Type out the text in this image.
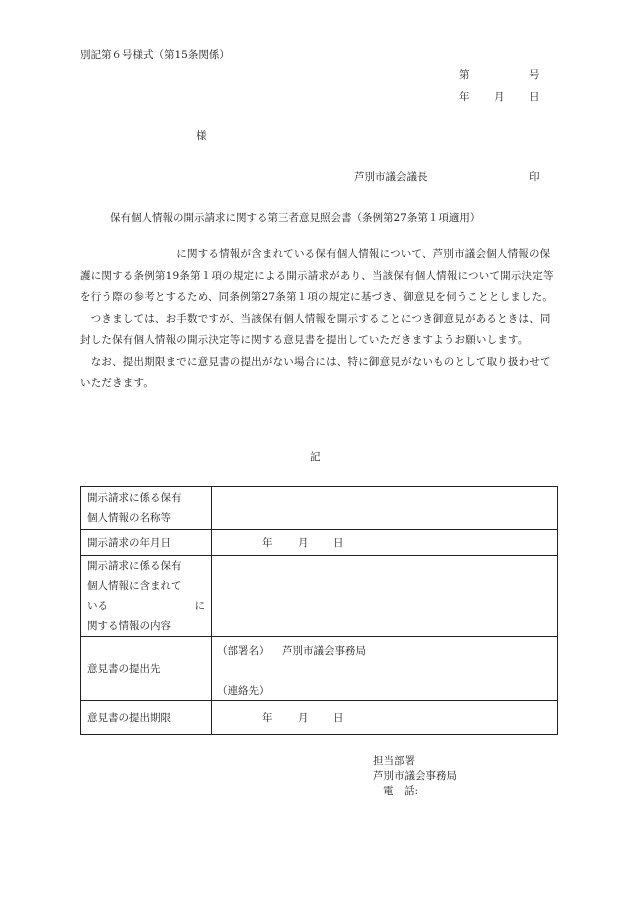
別記第６号様式（第15条関係）
第	号
年 月 日
様
芦別市議会議長	印
保有個人情報の開示請求に関する第三者意見照会書（条例第27条第１項適用）

　　　　　　　　　に関する情報が含まれている保有個人情報について、芦別市議会個人情報の保護に関する条例第19条第１項の規定による開示請求があり、当該保有個人情報について開示決定等を行う際の参考とするため、同条例第27条第１項の規定に基づき、御意見を伺うこととしました。

　つきましては、お手数ですが、当該保有個人情報を開示することにつき御意見があるときは、同封した保有個人情報の開示決定等に関する意見書を提出していただきますようお願いします。

　なお、提出期限までに意見書の提出がない場合には、特に御意見がないものとして取り扱わせていただきます。

記
開示請求に係る保有
個人情報の名称等	

開示請求の年月日	年 月 日

開示請求に係る保有
個人情報に含まれて
いる に
関する情報の内容	

意見書の提出先	（部署名） 芦別市議会事務局
（連絡先）

意見書の提出期限	年 月 日
担当部署
芦別市議会事務局
電　話:
